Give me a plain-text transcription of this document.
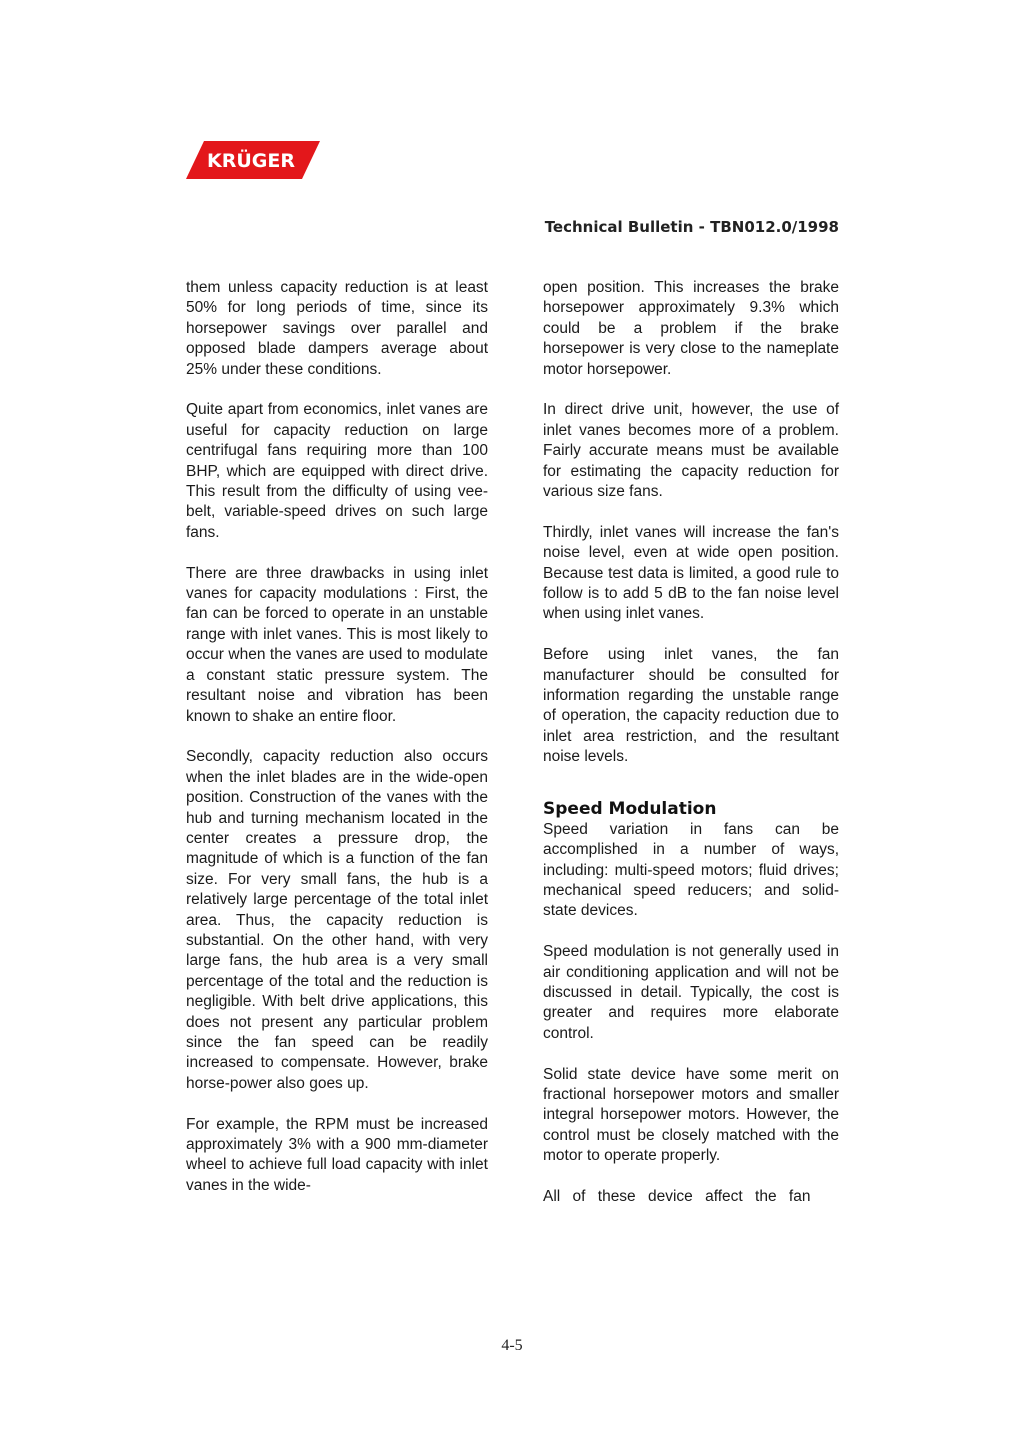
KRÜGER
Technical Bulletin - TBN012.0/1998

them unless capacity reduction is at least 50% for long periods of time, since its horsepower savings over parallel and opposed blade dampers average about 25% under these conditions.

Quite apart from economics, inlet vanes are useful for capacity reduction on large centrifugal fans requiring more than 100 BHP, which are equipped with direct drive. This result from the difficulty of using vee-belt, variable-speed drives on such large fans.

There are three drawbacks in using inlet vanes for capacity modulations : First, the fan can be forced to operate in an unstable range with inlet vanes. This is most likely to occur when the vanes are used to modulate a constant static pressure system. The resultant noise and vibration has been known to shake an entire floor.

Secondly, capacity reduction also occurs when the inlet blades are in the wide-open position. Construction of the vanes with the hub and turning mechanism located in the center creates a pressure drop, the magnitude of which is a function of the fan size. For very small fans, the hub is a relatively large percentage of the total inlet area. Thus, the capacity reduction is substantial. On the other hand, with very large fans, the hub area is a very small percentage of the total and the reduction is negligible. With belt drive applications, this does not present any particular problem since the fan speed can be readily increased to compensate. However, brake horse-power also goes up.

For example, the RPM must be increased approximately 3% with a 900 mm-diameter wheel to achieve full load capacity with inlet vanes in the wide-

open position. This increases the brake horsepower approximately 9.3% which could be a problem if the brake horsepower is very close to the nameplate motor horsepower.

In direct drive unit, however, the use of inlet vanes becomes more of a problem. Fairly accurate means must be available for estimating the capacity reduction for various size fans.

Thirdly, inlet vanes will increase the fan's noise level, even at wide open position. Because test data is limited, a good rule to follow is to add 5 dB to the fan noise level when using inlet vanes.

Before using inlet vanes, the fan manufacturer should be consulted for information regarding the unstable range of operation, the capacity reduction due to inlet area restriction, and the resultant noise levels.

Speed Modulation

Speed variation in fans can be accomplished in a number of ways, including: multi-speed motors; fluid drives; mechanical speed reducers; and solid-state devices.

Speed modulation is not generally used in air conditioning application and will not be discussed in detail. Typically, the cost is greater and requires more elaborate control.

Solid state device have some merit on fractional horsepower motors and smaller integral horsepower motors. However, the control must be closely matched with the motor to operate properly.

All of these device affect the fan

4-5
